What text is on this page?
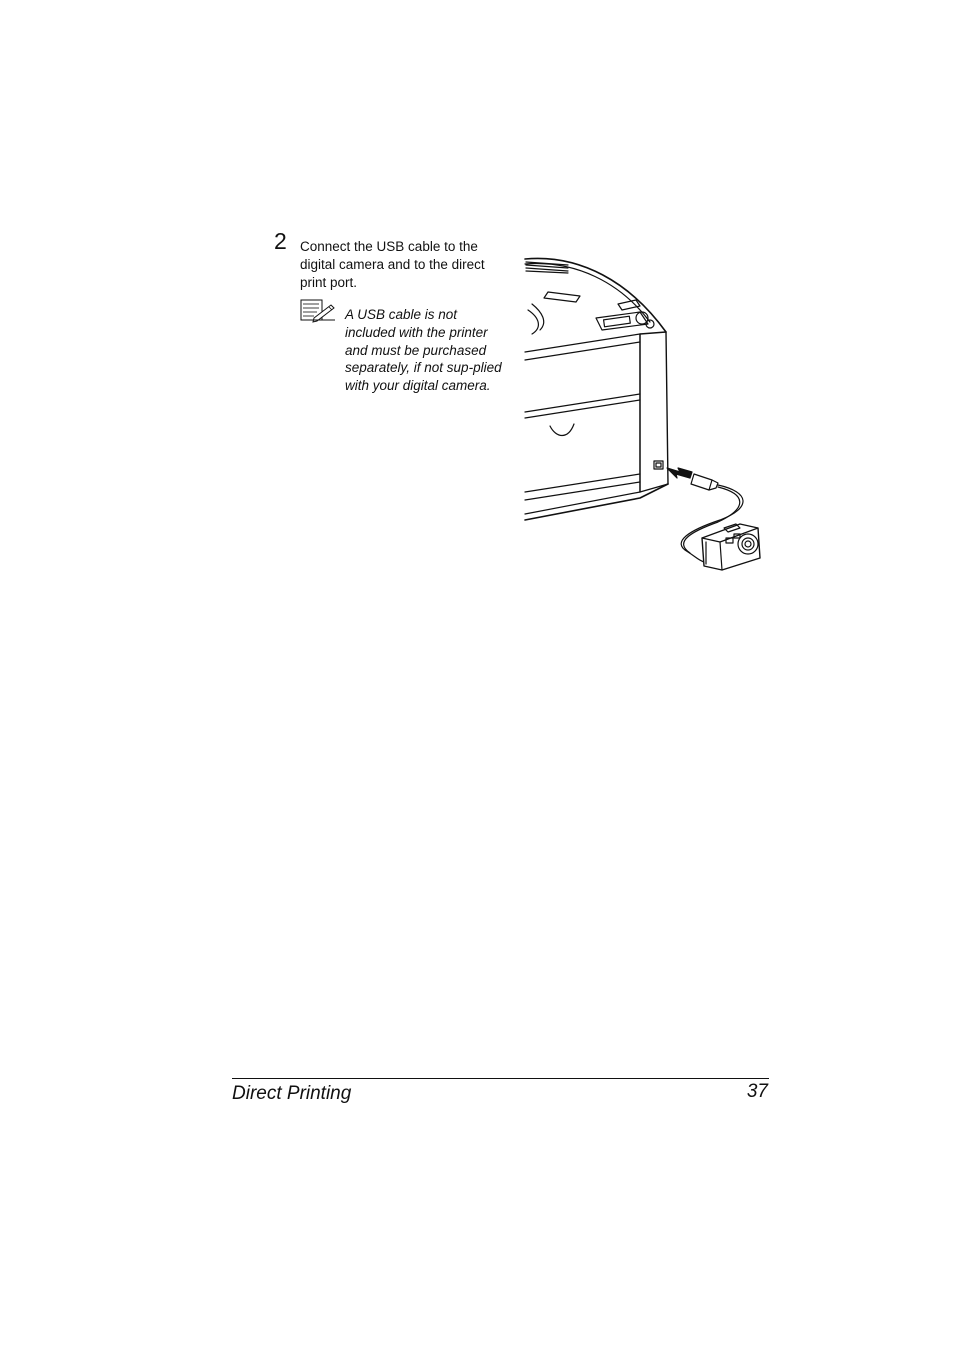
2 Connect the USB cable to the digital camera and to the direct print port.
A USB cable is not included with the printer and must be purchased separately, if not sup-plied with your digital camera.
Direct Printing	37
